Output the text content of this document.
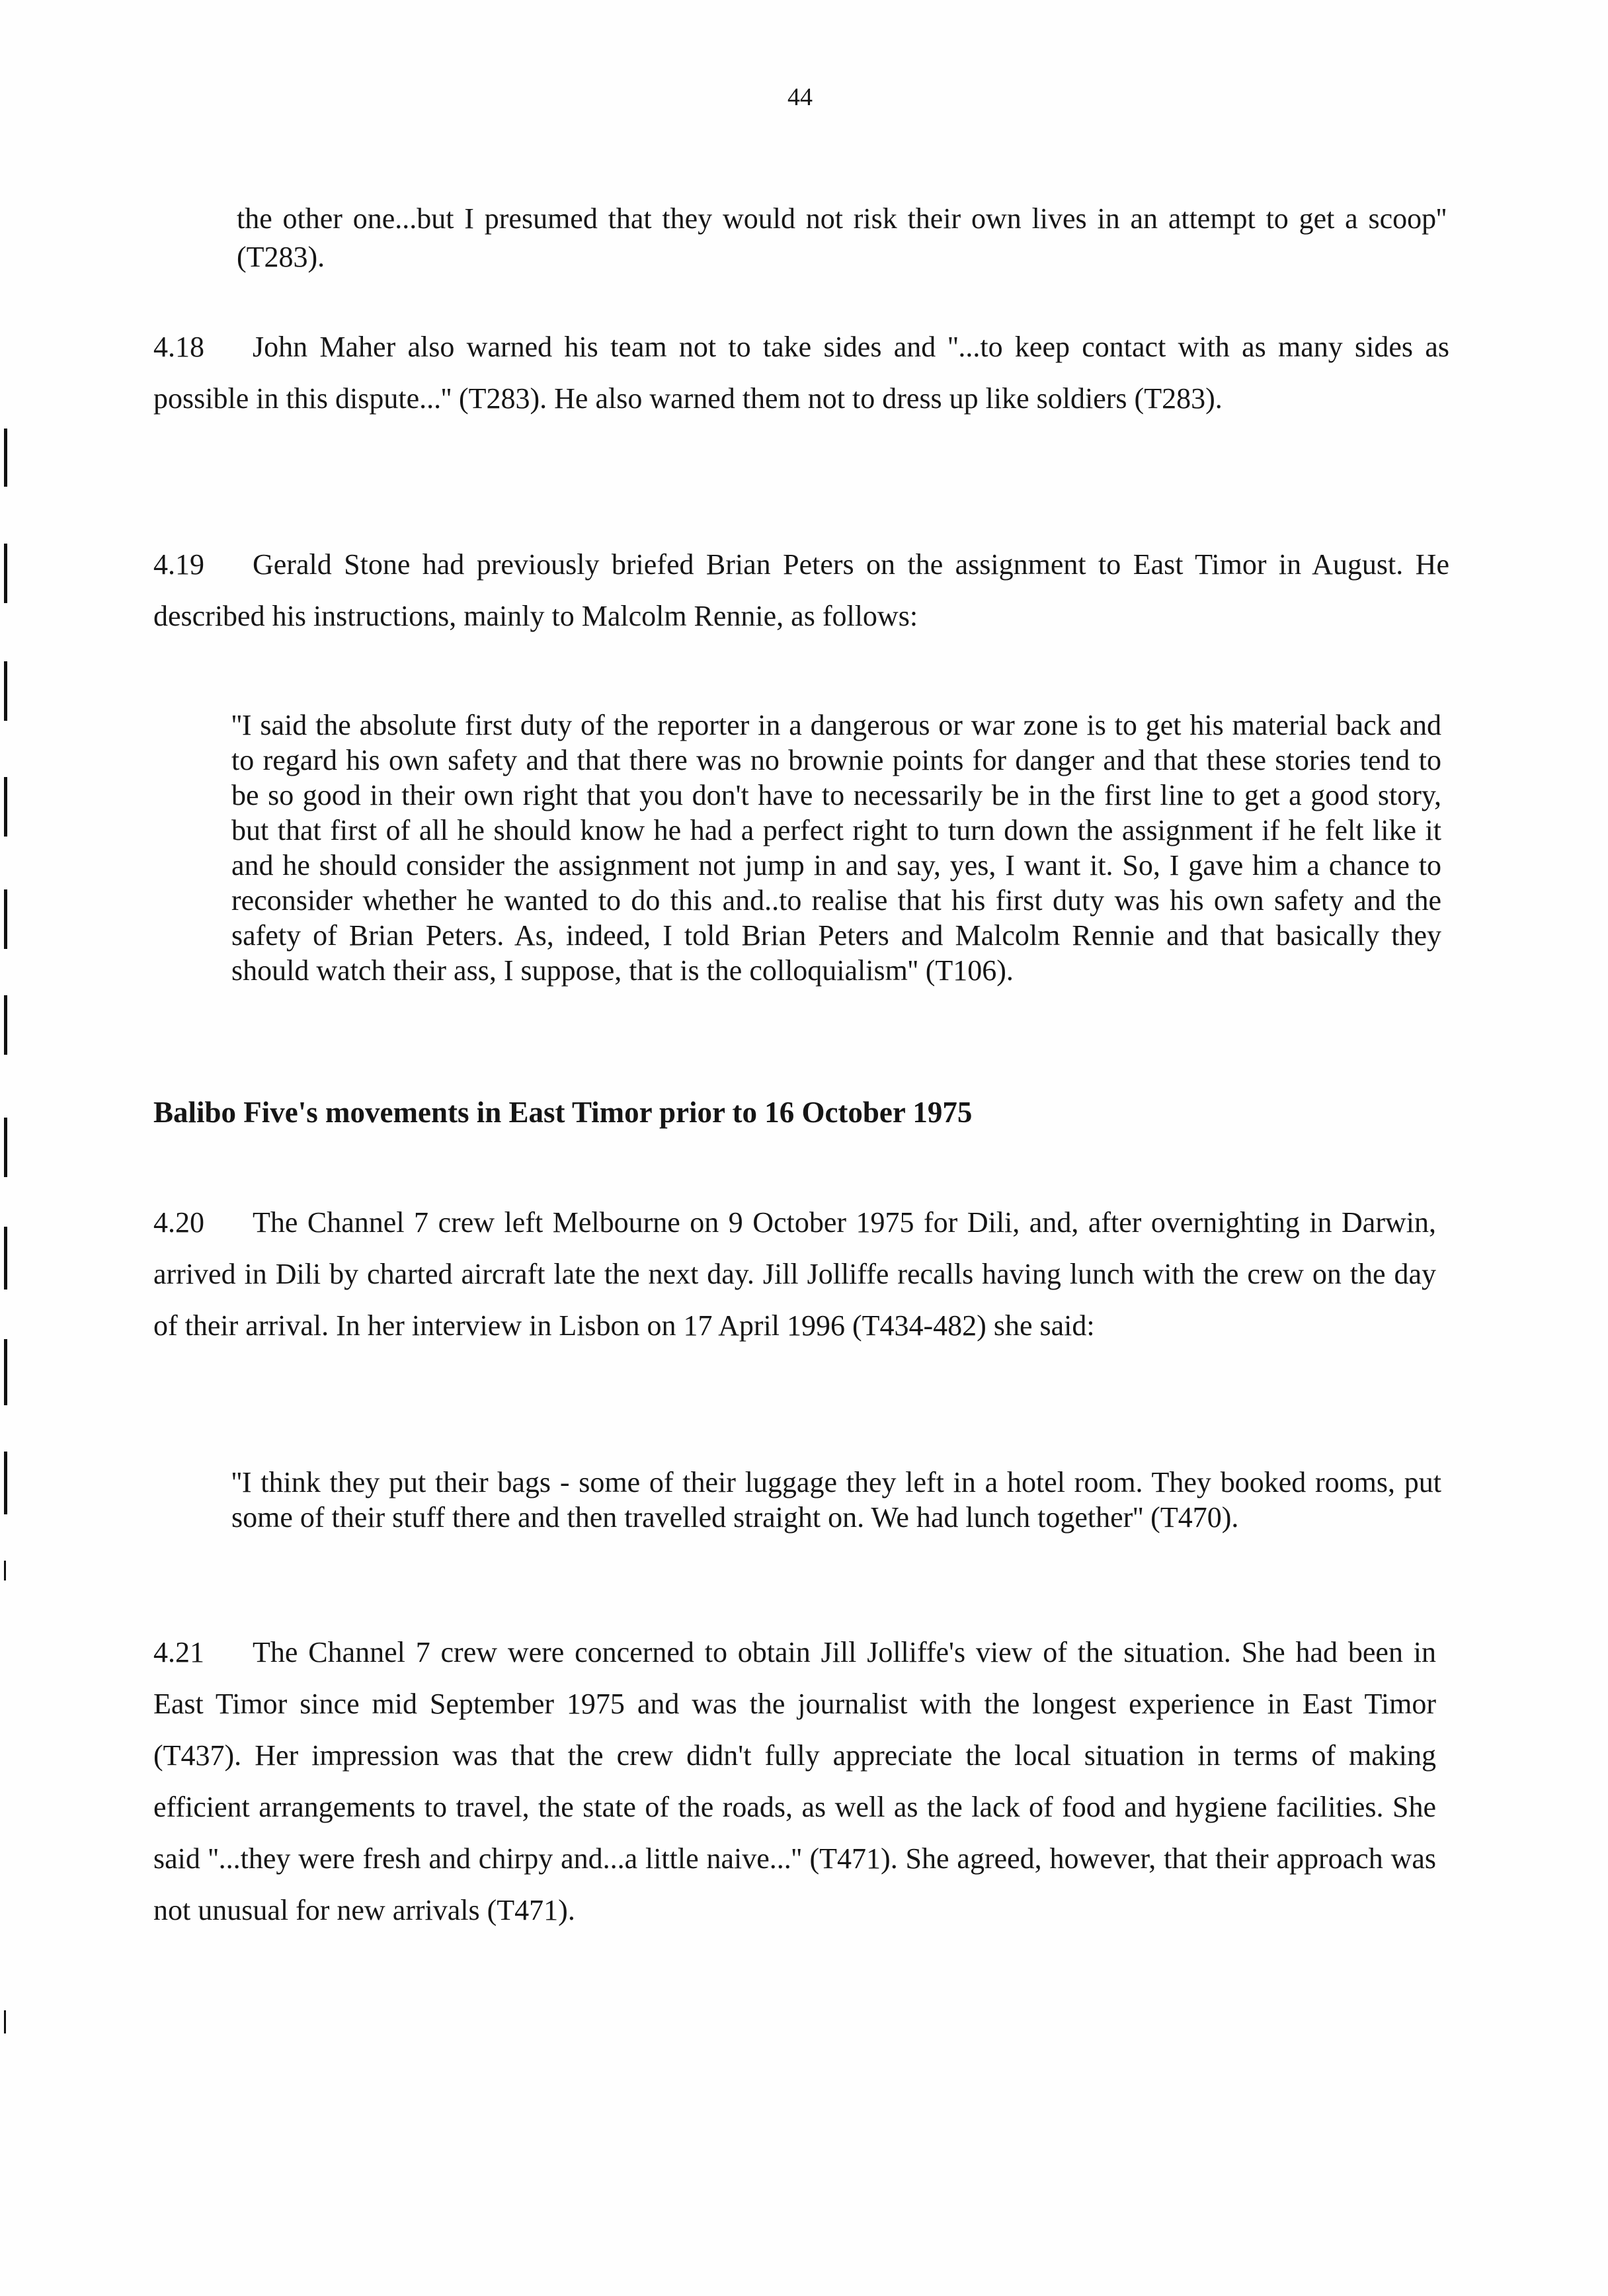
44
the other one...but I presumed that they would not risk their own lives in an attempt to get a scoop'' (T283).
4.18 John Maher also warned his team not to take sides and ''...to keep contact with as many sides as possible in this dispute...'' (T283). He also warned them not to dress up like soldiers (T283).
4.19 Gerald Stone had previously briefed Brian Peters on the assignment to East Timor in August. He described his instructions, mainly to Malcolm Rennie, as follows:
''I said the absolute first duty of the reporter in a dangerous or war zone is to get his material back and to regard his own safety and that there was no brownie points for danger and that these stories tend to be so good in their own right that you don't have to necessarily be in the first line to get a good story, but that first of all he should know he had a perfect right to turn down the assignment if he felt like it and he should consider the assignment not jump in and say, yes, I want it. So, I gave him a chance to reconsider whether he wanted to do this and..to realise that his first duty was his own safety and the safety of Brian Peters. As, indeed, I told Brian Peters and Malcolm Rennie and that basically they should watch their ass, I suppose, that is the colloquialism'' (T106).
Balibo Five's movements in East Timor prior to 16 October 1975
4.20 The Channel 7 crew left Melbourne on 9 October 1975 for Dili, and, after overnighting in Darwin, arrived in Dili by charted aircraft late the next day. Jill Jolliffe recalls having lunch with the crew on the day of their arrival. In her interview in Lisbon on 17 April 1996 (T434-482) she said:
''I think they put their bags - some of their luggage they left in a hotel room. They booked rooms, put some of their stuff there and then travelled straight on. We had lunch together'' (T470).
4.21 The Channel 7 crew were concerned to obtain Jill Jolliffe's view of the situation. She had been in East Timor since mid September 1975 and was the journalist with the longest experience in East Timor (T437). Her impression was that the crew didn't fully appreciate the local situation in terms of making efficient arrangements to travel, the state of the roads, as well as the lack of food and hygiene facilities. She said ''...they were fresh and chirpy and...a little naive...'' (T471). She agreed, however, that their approach was not unusual for new arrivals (T471).
